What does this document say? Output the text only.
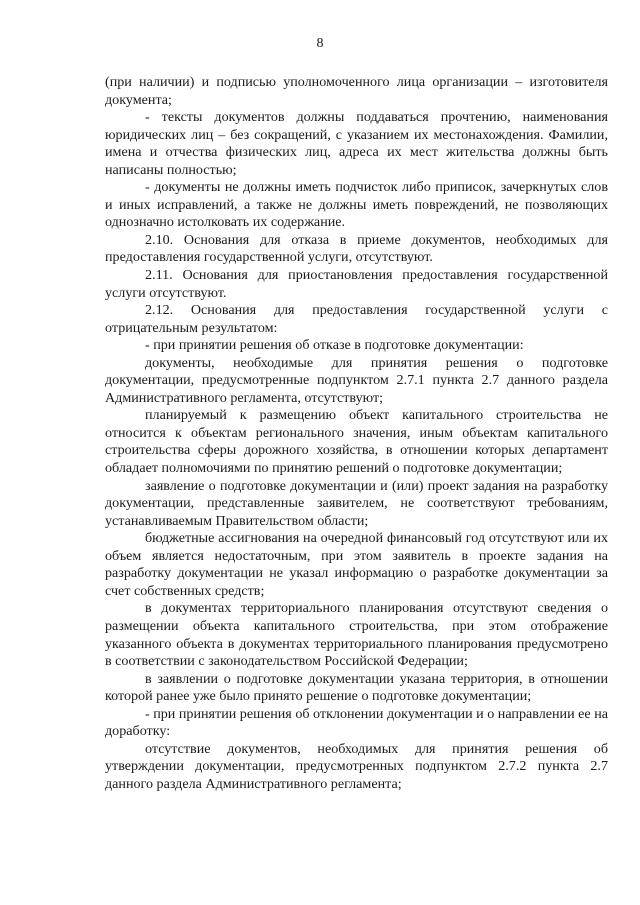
8

(при наличии) и подписью уполномоченного лица организации – изготовителя документа;

- тексты документов должны поддаваться прочтению, наименования юридических лиц – без сокращений, с указанием их местонахождения. Фамилии, имена и отчества физических лиц, адреса их мест жительства должны быть написаны полностью;

- документы не должны иметь подчисток либо приписок, зачеркнутых слов и иных исправлений, а также не должны иметь повреждений, не позволяющих однозначно истолковать их содержание.

2.10. Основания для отказа в приеме документов, необходимых для предоставления государственной услуги, отсутствуют.

2.11. Основания для приостановления предоставления государственной услуги отсутствуют.

2.12. Основания для предоставления государственной услуги с отрицательным результатом:

- при принятии решения об отказе в подготовке документации:

документы, необходимые для принятия решения о подготовке документации, предусмотренные подпунктом 2.7.1 пункта 2.7 данного раздела Административного регламента, отсутствуют;

планируемый к размещению объект капитального строительства не относится к объектам регионального значения, иным объектам капитального строительства сферы дорожного хозяйства, в отношении которых департамент обладает полномочиями по принятию решений о подготовке документации;

заявление о подготовке документации и (или) проект задания на разработку документации, представленные заявителем, не соответствуют требованиям, устанавливаемым Правительством области;

бюджетные ассигнования на очередной финансовый год отсутствуют или их объем является недостаточным, при этом заявитель в проекте задания на разработку документации не указал информацию о разработке документации за счет собственных средств;

в документах территориального планирования отсутствуют сведения о размещении объекта капитального строительства, при этом отображение указанного объекта в документах территориального планирования предусмотрено в соответствии с законодательством Российской Федерации;

в заявлении о подготовке документации указана территория, в отношении которой ранее уже было принято решение о подготовке документации;

- при принятии решения об отклонении документации и о направлении ее на доработку:

отсутствие документов, необходимых для принятия решения об утверждении документации, предусмотренных подпунктом 2.7.2 пункта 2.7 данного раздела Административного регламента;
